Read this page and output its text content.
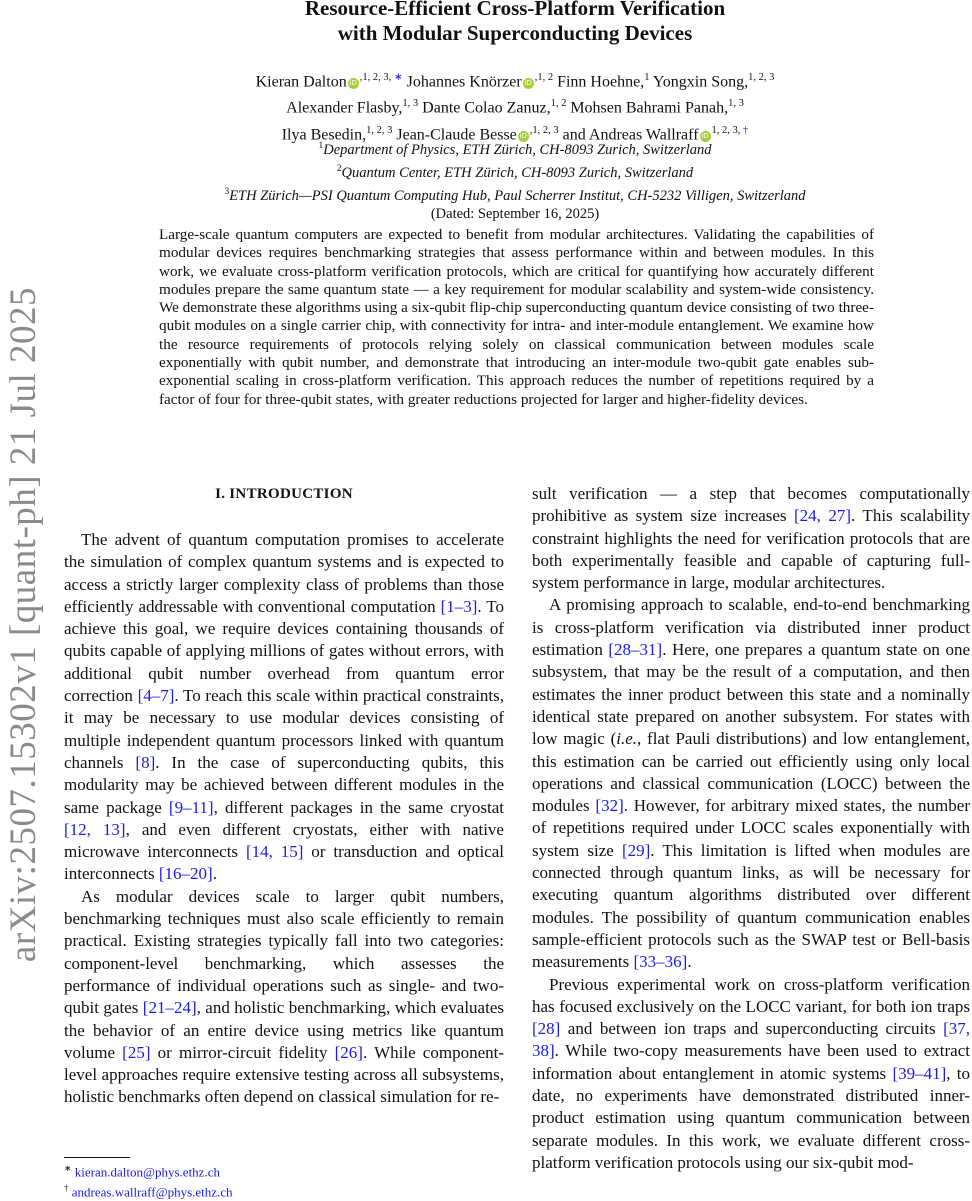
arXiv:2507.15302v1 [quant-ph] 21 Jul 2025
Resource-Efficient Cross-Platform Verification
with Modular Superconducting Devices
Kieran Dalton $iD^{,1, 2, 3,}$ ∗ Johannes Knörzer $iD^{,1, 2}$ Finn Hoehne,$^1$ Yongxin Song,$^{1, 2, 3}$
Alexander Flasby,$^{1, 3}$ Dante Colao Zanuz,$^{1, 2}$ Mohsen Bahrami Panah,$^{1, 3}$
Ilya Besedin,$^{1, 2, 3}$ Jean-Claude Besse $iD^{,1, 2, 3}$ and Andreas Wallraff $iD^{1, 2, 3,}$ †
$^1$Department of Physics, ETH Zürich, CH-8093 Zurich, Switzerland
$^2$Quantum Center, ETH Zürich, CH-8093 Zurich, Switzerland
$^3$ETH Zürich—PSI Quantum Computing Hub, Paul Scherrer Institut, CH-5232 Villigen, Switzerland
(Dated: September 16, 2025)
Large-scale quantum computers are expected to benefit from modular architectures. Validating the capabilities of modular devices requires benchmarking strategies that assess performance within and between modules. In this work, we evaluate cross-platform verification protocols, which are critical for quantifying how accurately different modules prepare the same quantum state — a key requirement for modular scalability and system-wide consistency. We demonstrate these algorithms using a six-qubit flip-chip superconducting quantum device consisting of two three-qubit modules on a single carrier chip, with connectivity for intra- and inter-module entanglement. We examine how the resource requirements of protocols relying solely on classical communication between modules scale exponentially with qubit number, and demonstrate that introducing an inter-module two-qubit gate enables sub-exponential scaling in cross-platform verification. This approach reduces the number of repetitions required by a factor of four for three-qubit states, with greater reductions projected for larger and higher-fidelity devices.
I. INTRODUCTION

The advent of quantum computation promises to accelerate the simulation of complex quantum systems and is expected to access a strictly larger complexity class of problems than those efficiently addressable with conventional computation [1–3]. To achieve this goal, we require devices containing thousands of qubits capable of applying millions of gates without errors, with additional qubit number overhead from quantum error correction [4–7]. To reach this scale within practical constraints, it may be necessary to use modular devices consisting of multiple independent quantum processors linked with quantum channels [8]. In the case of superconducting qubits, this modularity may be achieved between different modules in the same package [9–11], different packages in the same cryostat [12, 13], and even different cryostats, either with native microwave interconnects [14, 15] or transduction and optical interconnects [16–20].

As modular devices scale to larger qubit numbers, benchmarking techniques must also scale efficiently to remain practical. Existing strategies typically fall into two categories: component-level benchmarking, which assesses the performance of individual operations such as single- and two-qubit gates [21–24], and holistic benchmarking, which evaluates the behavior of an entire device using metrics like quantum volume [25] or mirror-circuit fidelity [26]. While component-level approaches require extensive testing across all subsystems, holistic benchmarks often depend on classical simulation for re-

sult verification — a step that becomes computationally prohibitive as system size increases [24, 27]. This scalability constraint highlights the need for verification protocols that are both experimentally feasible and capable of capturing full-system performance in large, modular architectures.

A promising approach to scalable, end-to-end benchmarking is cross-platform verification via distributed inner product estimation [28–31]. Here, one prepares a quantum state on one subsystem, that may be the result of a computation, and then estimates the inner product between this state and a nominally identical state prepared on another subsystem. For states with low magic (i.e., flat Pauli distributions) and low entanglement, this estimation can be carried out efficiently using only local operations and classical communication (LOCC) between the modules [32]. However, for arbitrary mixed states, the number of repetitions required under LOCC scales exponentially with system size [29]. This limitation is lifted when modules are connected through quantum links, as will be necessary for executing quantum algorithms distributed over different modules. The possibility of quantum communication enables sample-efficient protocols such as the SWAP test or Bell-basis measurements [33–36].

Previous experimental work on cross-platform verification has focused exclusively on the LOCC variant, for both ion traps [28] and between ion traps and superconducting circuits [37, 38]. While two-copy measurements have been used to extract information about entanglement in atomic systems [39–41], to date, no experiments have demonstrated distributed inner-product estimation using quantum communication between separate modules. In this work, we evaluate different cross-platform verification protocols using our six-qubit mod-

∗ kieran.dalton@phys.ethz.ch
† andreas.wallraff@phys.ethz.ch
